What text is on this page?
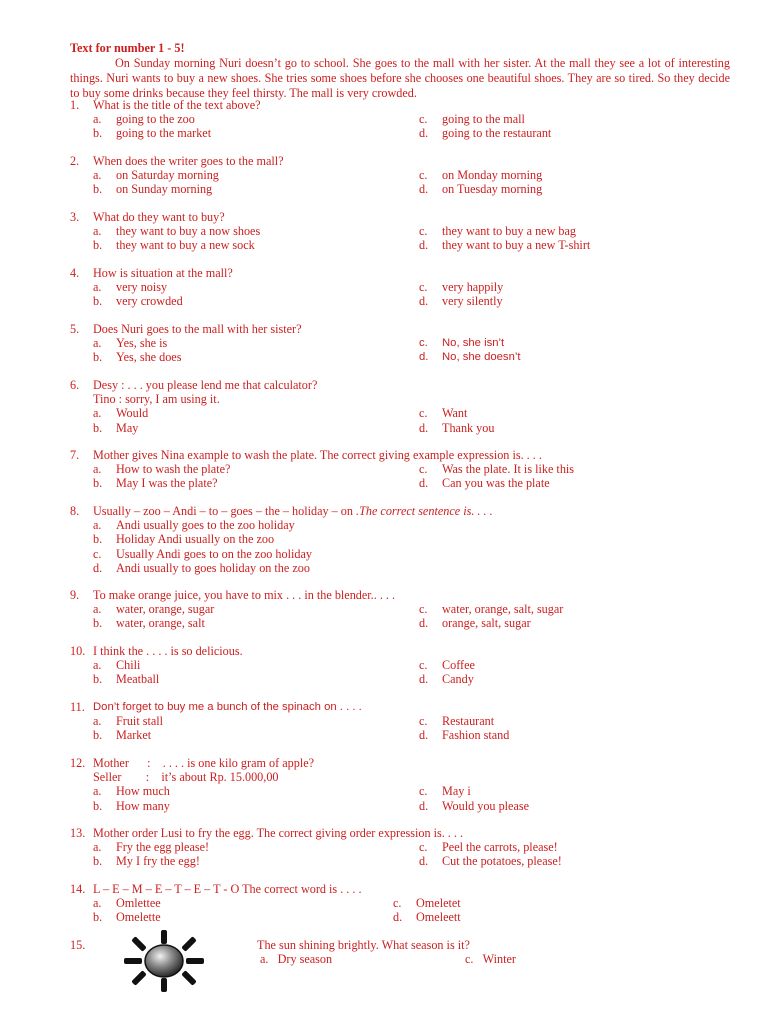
Text for number 1 - 5!

On Sunday morning Nuri doesn’t go to school. She goes to the mall with her sister. At the mall they see a lot of interesting things. Nuri wants to buy a new shoes. She tries some shoes before she chooses one beautiful shoes. They are so tired. So they decide to buy some drinks because they feel thirsty. The mall is very crowded.

1.	What is the title of the text above?
a.	going to the zoo	c.	going to the mall
b.	going to the market	d.	going to the restaurant
2.	When does the writer goes to the mall?
a.	on Saturday morning	c.	on Monday morning
b.	on Sunday morning	d.	on Tuesday morning
3.	What do they want to buy?
a.	they want to buy a now shoes	c.	they want to buy a new bag
b.	they want to buy a new sock	d.	they want to buy a new T-shirt
4.	How is situation at the mall?
a.	very noisy	c.	very happily
b.	very crowded	d.	very silently
5.	Does Nuri goes to the mall with her sister?
a.	Yes, she is	c.	No, she isn’t
b.	Yes, she does	d.	No, she doesn’t
6.	Desy : . . . you please lend me that calculator?
Tino : sorry, I am using it.
a.	Would	c.	Want
b.	May	d.	Thank you
7.	Mother gives Nina example to wash the plate. The correct giving example expression is. . . .
a.	How to wash the plate?	c.	Was the plate. It is like this
b.	May I was the plate?	d.	Can you was the plate
8.	Usually – zoo – Andi – to – goes – the – holiday – on .The correct sentence is. . . .
a.	Andi usually goes to the zoo holiday
b.	Holiday Andi usually on the zoo
c.	Usually Andi goes to on the zoo holiday
d.	Andi usually to goes holiday on the zoo
9.	To make orange juice, you have to mix . . . in the blender.. . . .
a.	water, orange, sugar	c.	water, orange, salt, sugar
b.	water, orange, salt	d.	orange, salt, sugar
10. I think the . . . . is so delicious.
a.	Chili	c.	Coffee
b.	Meatball	d.	Candy
11. Don’t forget to buy me a bunch of the spinach on . . . .
a.	Fruit stall	c.	Restaurant
b.	Market	d.	Fashion stand
12. Mother      :    . . . . is one kilo gram of apple?
Seller        :    it’s about Rp. 15.000,00
a.	How much	c.	May i
b.	How many	d.	Would you please
13. Mother order Lusi to fry the egg. The correct giving order expression is. . . .
a.	Fry the egg please!	c.	Peel the carrots, please!
b.	My I fry the egg!	d.	Cut the potatoes, please!
14. L – E – M – E – T – E – T - O The correct word is . . . .
a.	Omlettee	c.	Omeletet
b.	Omelette	d.	Omeleett
15.	The sun shining brightly. What season is it?
a. Dry season	c. Winter
